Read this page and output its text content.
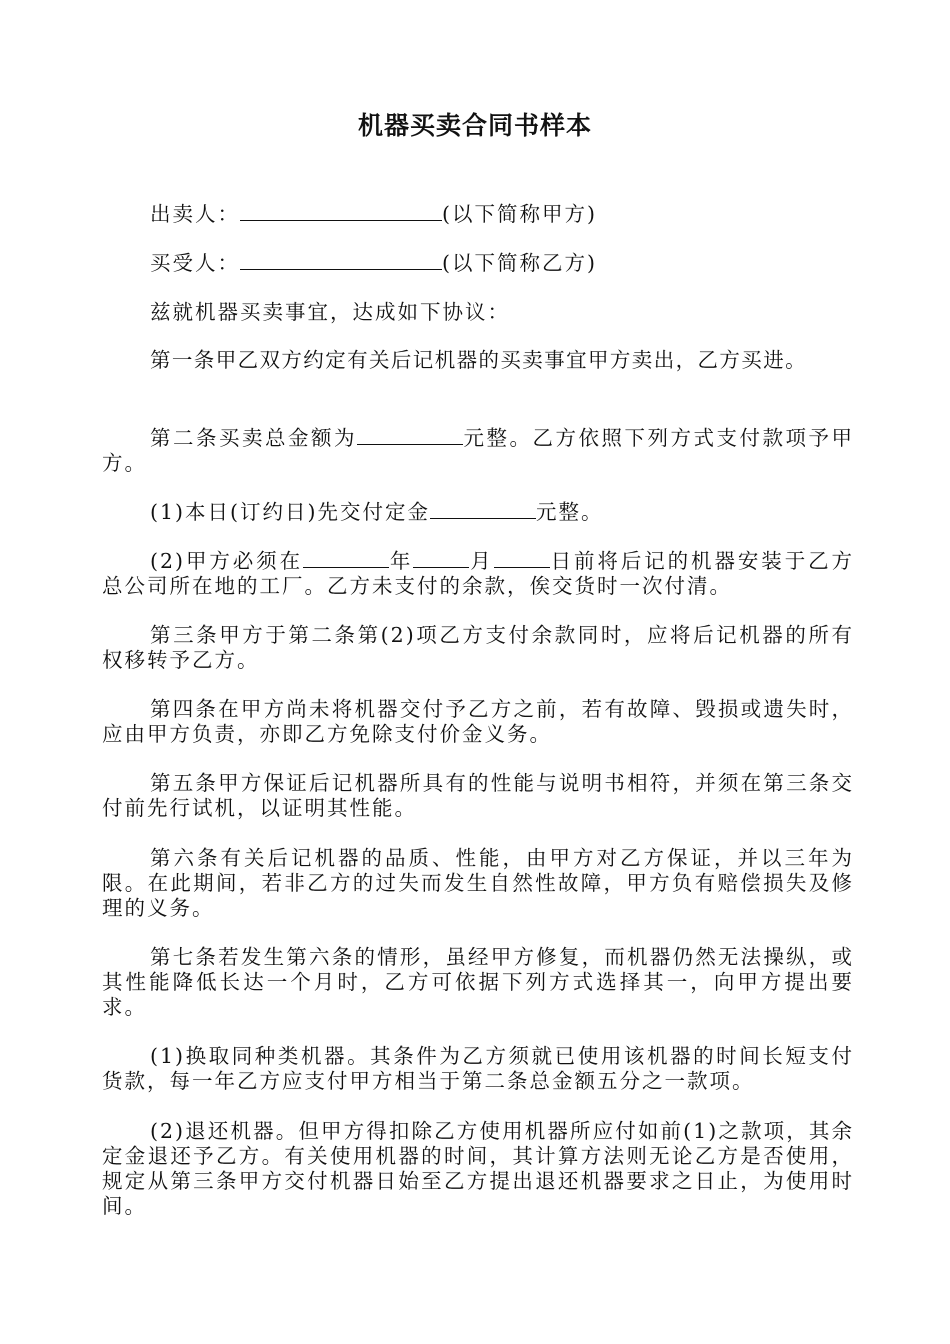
机器买卖合同书样本

出卖人：	(以下简称甲方)

买受人：	(以下简称乙方)

兹就机器买卖事宜，达成如下协议：

第一条甲乙双方约定有关后记机器的买卖事宜甲方卖出，乙方买进。

第二条买卖总金额为	元整。乙方依照下列方式支付款项予甲方。

(1)本日(订约日)先交付定金	元整。

(2)甲方必须在	年	月	日前将后记的机器安装于乙方总公司所在地的工厂。乙方未支付的余款，俟交货时一次付清。

第三条甲方于第二条第(2)项乙方支付余款同时，应将后记机器的所有权移转予乙方。

第四条在甲方尚未将机器交付予乙方之前，若有故障、毁损或遗失时，应由甲方负责，亦即乙方免除支付价金义务。

第五条甲方保证后记机器所具有的性能与说明书相符，并须在第三条交付前先行试机，以证明其性能。

第六条有关后记机器的品质、性能，由甲方对乙方保证，并以三年为限。在此期间，若非乙方的过失而发生自然性故障，甲方负有赔偿损失及修理的义务。

第七条若发生第六条的情形，虽经甲方修复，而机器仍然无法操纵，或其性能降低长达一个月时，乙方可依据下列方式选择其一，向甲方提出要求。

(1)换取同种类机器。其条件为乙方须就已使用该机器的时间长短支付货款，每一年乙方应支付甲方相当于第二条总金额五分之一款项。

(2)退还机器。但甲方得扣除乙方使用机器所应付如前(1)之款项，其余定金退还予乙方。有关使用机器的时间，其计算方法则无论乙方是否使用，规定从第三条甲方交付机器日始至乙方提出退还机器要求之日止，为使用时间。
